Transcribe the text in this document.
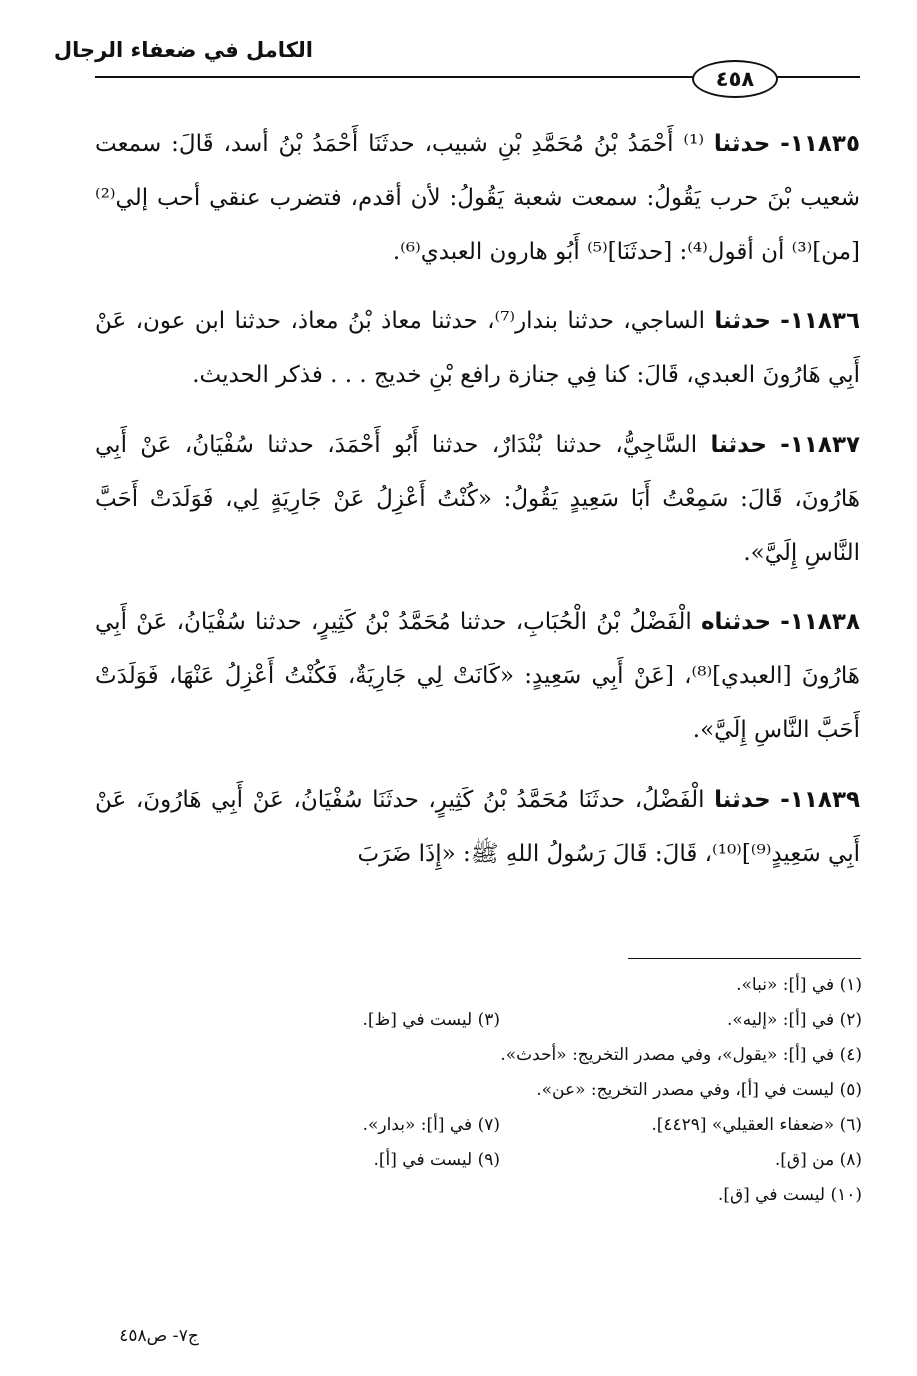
الكامل في ضعفاء الرجال
٤٥٨

١١٨٣٥- حدثنا ⁽¹⁾ أَحْمَدُ بْنُ مُحَمَّدِ بْنِ شبيب، حدثَنَا أَحْمَدُ بْنُ أسد، قَالَ: سمعت شعيب بْنَ حرب يَقُولُ: سمعت شعبة يَقُولُ: لأن أقدم، فتضرب عنقي أحب إلي⁽²⁾ [من]⁽³⁾ أن أقول⁽⁴⁾: [حدثَنَا]⁽⁵⁾ أَبُو هارون العبدي⁽⁶⁾.

١١٨٣٦- حدثنا الساجي، حدثنا بندار⁽⁷⁾، حدثنا معاذ بْنُ معاذ، حدثنا ابن عون، عَنْ أَبِي هَارُونَ العبدي، قَالَ: كنا فِي جنازة رافع بْنِ خديج . . . فذكر الحديث.

١١٨٣٧- حدثنا السَّاجِيُّ، حدثنا بُنْدَارٌ، حدثنا أَبُو أَحْمَدَ، حدثنا سُفْيَانُ، عَنْ أَبِي هَارُونَ، قَالَ: سَمِعْتُ أَبَا سَعِيدٍ يَقُولُ: «كُنْتُ أَعْزِلُ عَنْ جَارِيَةٍ لِي، فَوَلَدَتْ أَحَبَّ النَّاسِ إِلَيَّ».

١١٨٣٨- حدثناه الْفَضْلُ بْنُ الْحُبَابِ، حدثنا مُحَمَّدُ بْنُ كَثِيرٍ، حدثنا سُفْيَانُ، عَنْ أَبِي هَارُونَ [العبدي]⁽⁸⁾، [عَنْ أَبِي سَعِيدٍ: «كَانَتْ لِي جَارِيَةٌ، فَكُنْتُ أَعْزِلُ عَنْهَا، فَوَلَدَتْ أَحَبَّ النَّاسِ إِلَيَّ».

١١٨٣٩- حدثنا الْفَضْلُ، حدثَنَا مُحَمَّدُ بْنُ كَثِيرٍ، حدثَنَا سُفْيَانُ، عَنْ أَبِي هَارُونَ، عَنْ أَبِي سَعِيدٍ⁽⁹⁾]⁽¹⁰⁾، قَالَ: قَالَ رَسُولُ اللهِ ﷺ: «إِذَا ضَرَبَ

(١) في [أ]: «نبا».
(٢) في [أ]: «إليه».
(٣) ليست في [ظ].
(٤) في [أ]: «يقول»، وفي مصدر التخريج: «أحدث».
(٥) ليست في [أ]، وفي مصدر التخريج: «عن».
(٦) «ضعفاء العقيلي» [٤٤٢٩].
(٧) في [أ]: «بدار».
(٨) من [ق].
(٩) ليست في [أ].
(١٠) ليست في [ق].
ج٧- ص٤٥٨
